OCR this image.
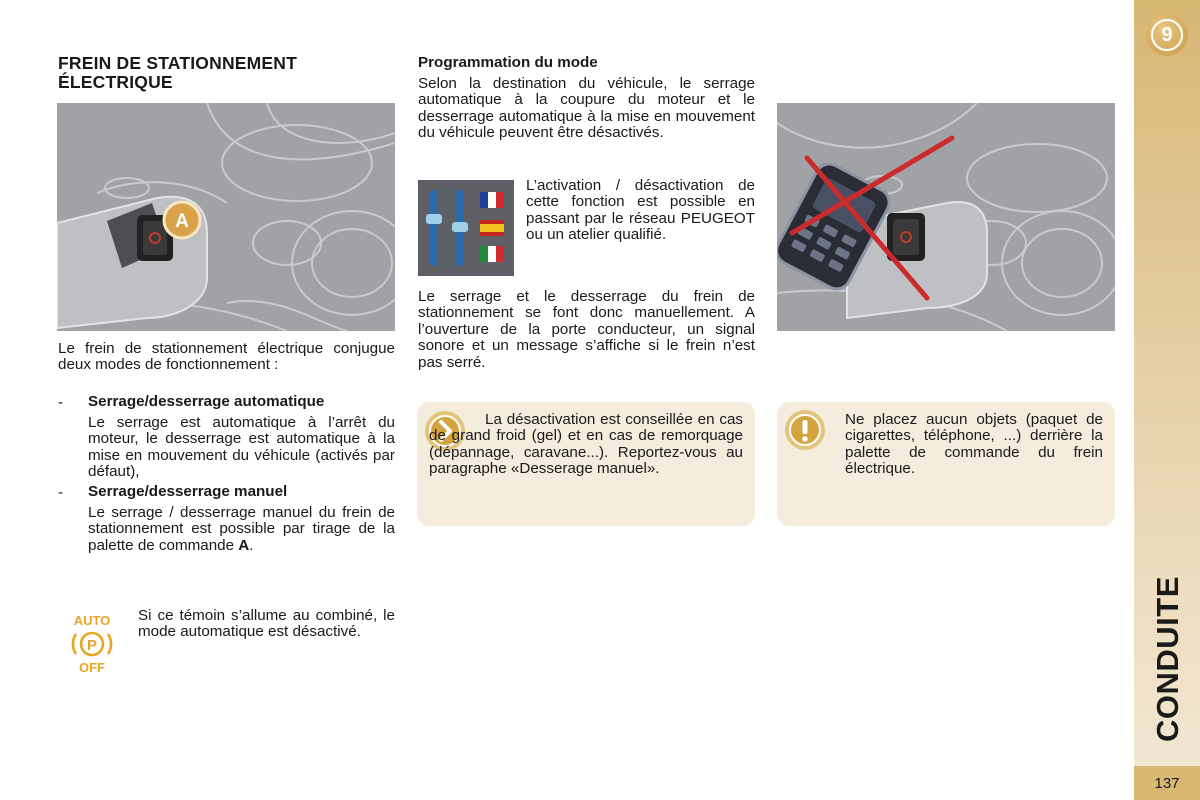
FREIN DE STATIONNEMENT
ÉLECTRIQUE
A
Le frein de stationnement électrique conjugue deux modes de fonctionnement :
- Serrage/desserrage automatique
Le serrage est automatique à l’arrêt du moteur, le desserrage est automatique à la mise en mouvement du véhicule (activés par défaut),
- Serrage/desserrage manuel
Le serrage / desserrage manuel du frein de stationnement est possible par tirage de la palette de commande A.
AUTO
P
OFF
Si ce témoin s’allume au combiné, le mode automatique est désactivé.
Programmation du mode
Selon la destination du véhicule, le serrage automatique à la coupure du moteur et le desserrage automatique à la mise en mouvement du véhicule peuvent être désactivés.
L’activation / désactivation de cette fonction est possible en passant par le réseau PEUGEOT ou un atelier qualifié.
Le serrage et le desserrage du frein de stationnement se font donc manuellement. A l’ouverture de la porte conducteur, un signal sonore et un message s’affiche si le frein n’est pas serré.
La désactivation est conseillée en cas de grand froid (gel) et en cas de remorquage (dépannage, caravane...). Reportez-vous au paragraphe «Desserage manuel».
Ne placez aucun objets (paquet de cigarettes, téléphone, ...) derrière la palette de commande du frein électrique.
9
CONDUITE
137
